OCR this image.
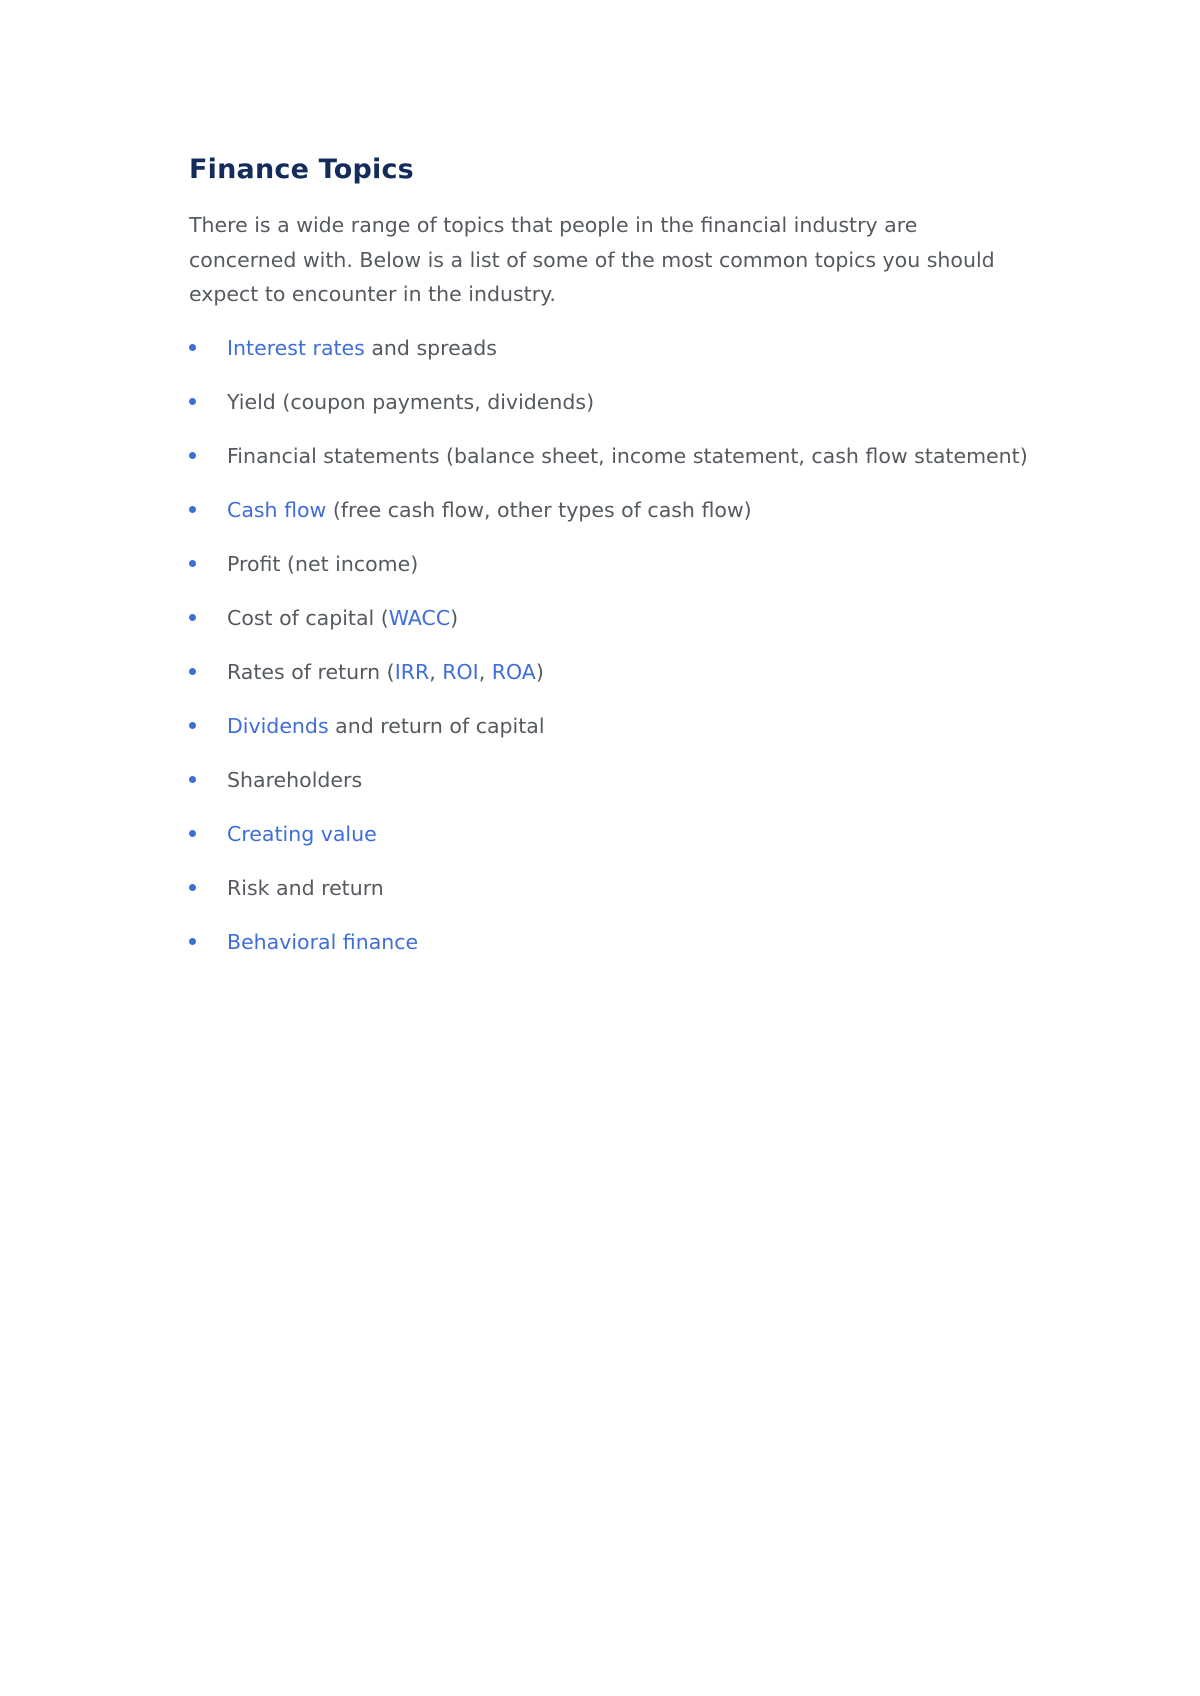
Finance Topics

There is a wide range of topics that people in the financial industry are concerned with. Below is a list of some of the most common topics you should expect to encounter in the industry.

Interest rates and spreads
Yield (coupon payments, dividends)
Financial statements (balance sheet, income statement, cash flow statement)
Cash flow (free cash flow, other types of cash flow)
Profit (net income)
Cost of capital (WACC)
Rates of return (IRR, ROI, ROA)
Dividends and return of capital
Shareholders
Creating value
Risk and return
Behavioral finance
